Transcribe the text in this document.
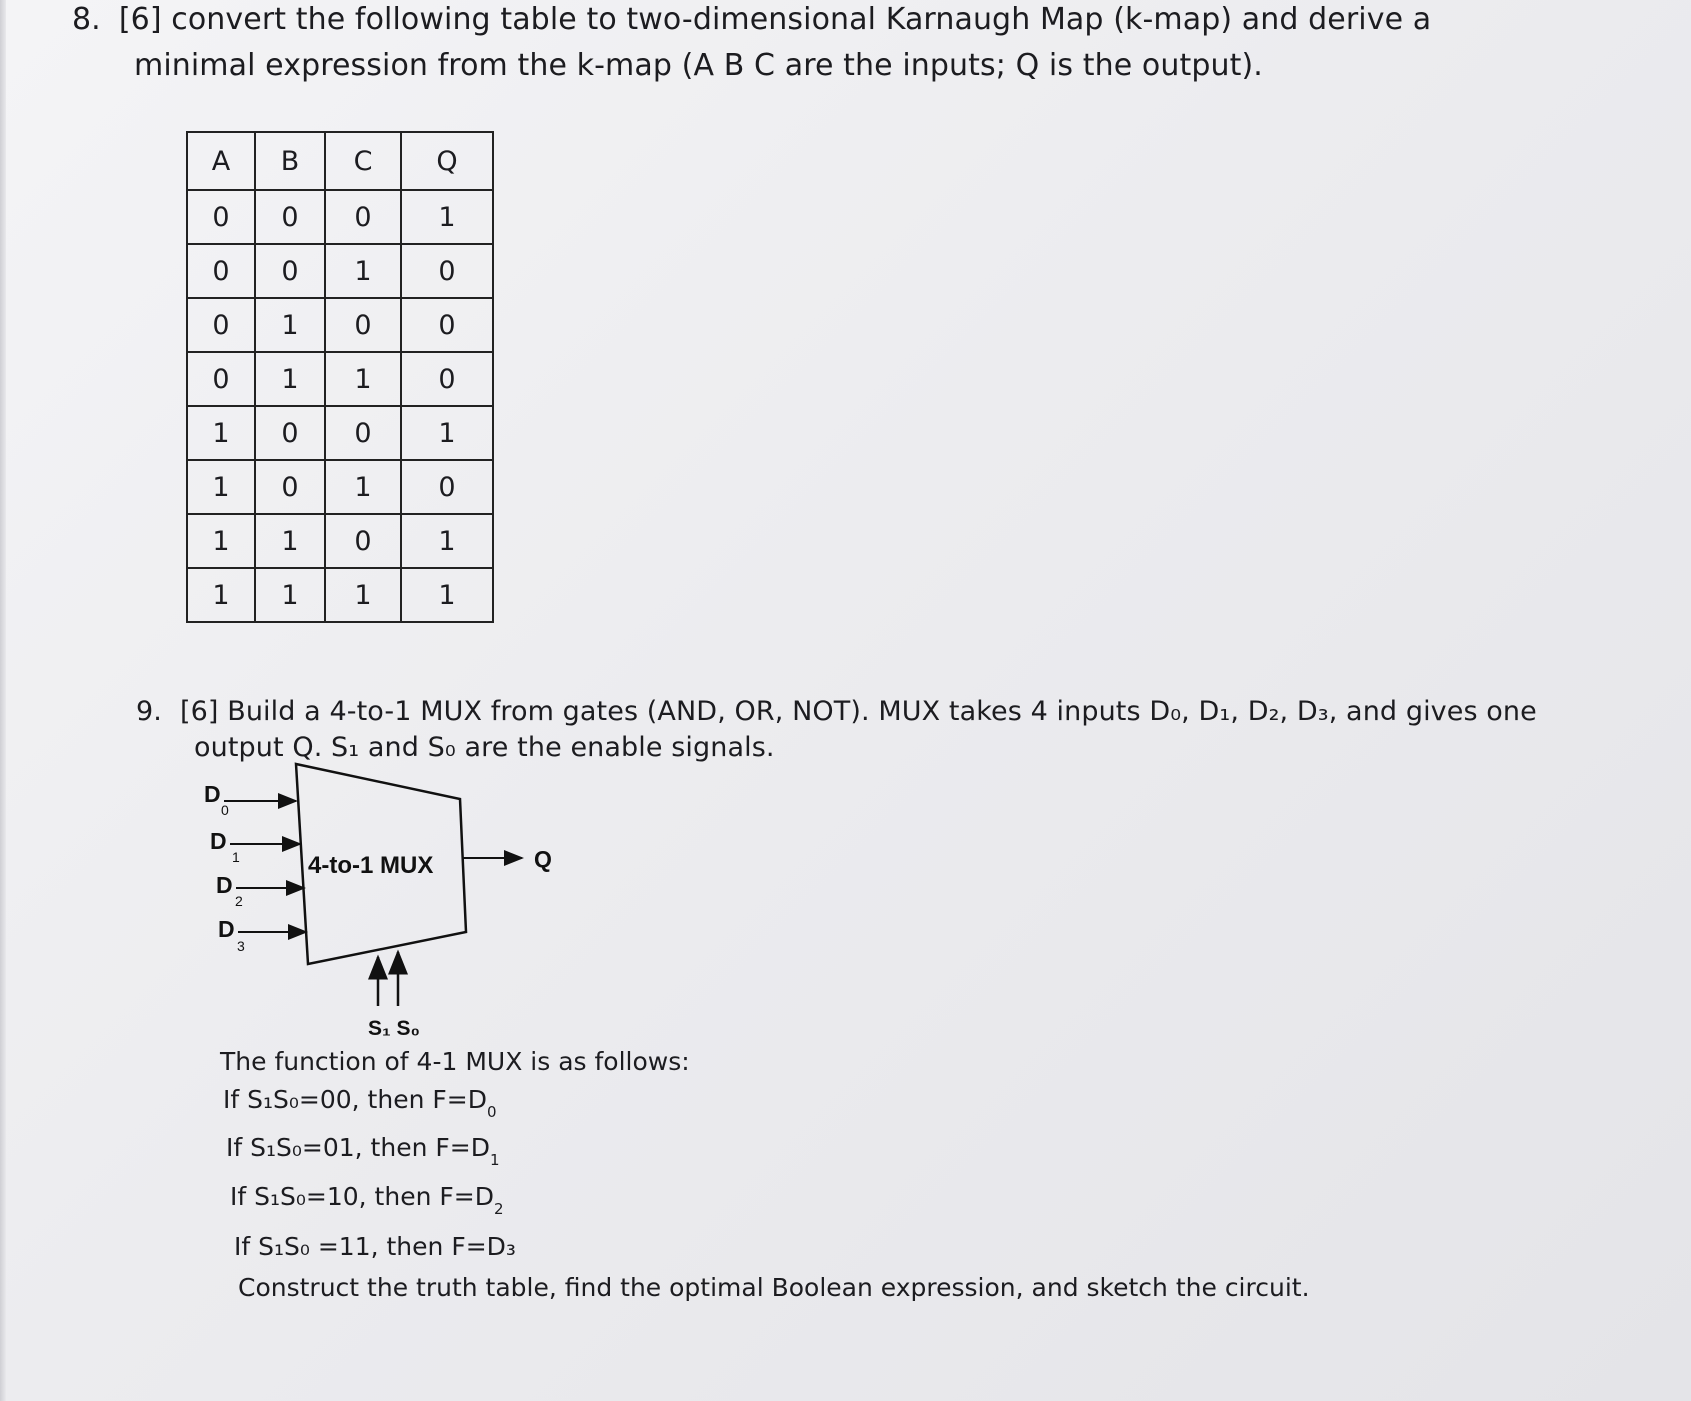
8. [6] convert the following table to two-dimensional Karnaugh Map (k-map) and derive a
minimal expression from the k-map (A B C are the inputs; Q is the output).
A	B	C	Q
0	0	0	1
0	0	1	0
0	1	0	0
0	1	1	0
1	0	0	1
1	0	1	0
1	1	0	1
1	1	1	1
9. [6] Build a 4-to-1 MUX from gates (AND, OR, NOT). MUX takes 4 inputs D₀, D₁, D₂, D₃, and gives one
output Q. S₁ and S₀ are the enable signals.
4-to-1 MUX	Q
D
0
D
1
D
2
D
3
S₁ S₀
The function of 4-1 MUX is as follows:
If S₁S₀=00, then $F=D_0$
If S₁S₀=01, then $F=D_1$
If S₁S₀=10, then $F=D_2$
If S₁S₀ =11, then F=D₃
Construct the truth table, find the optimal Boolean expression, and sketch the circuit.
